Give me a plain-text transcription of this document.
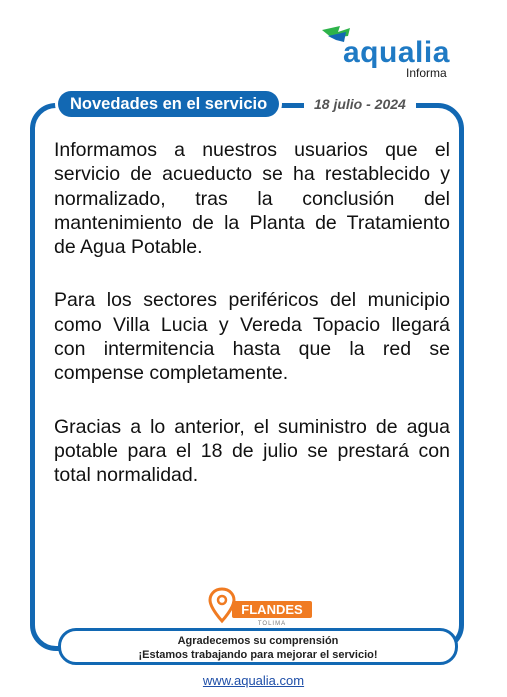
aqualia
Informa
Novedades en el servicio	18 julio - 2024

Informamos a nuestros usuarios que el servicio de acueducto se ha restablecido y normalizado, tras la conclusión del mantenimiento de la Planta de Tratamiento de Agua Potable.

Para los sectores periféricos del municipio como Villa Lucia y Vereda Topacio llegará con intermitencia hasta que la red se compense completamente.

Gracias a lo anterior, el suministro de agua potable para el 18 de julio se prestará con total normalidad.

FLANDES
TOLIMA
Agradecemos su comprensión
¡Estamos trabajando para mejorar el servicio!
www.aqualia.com
